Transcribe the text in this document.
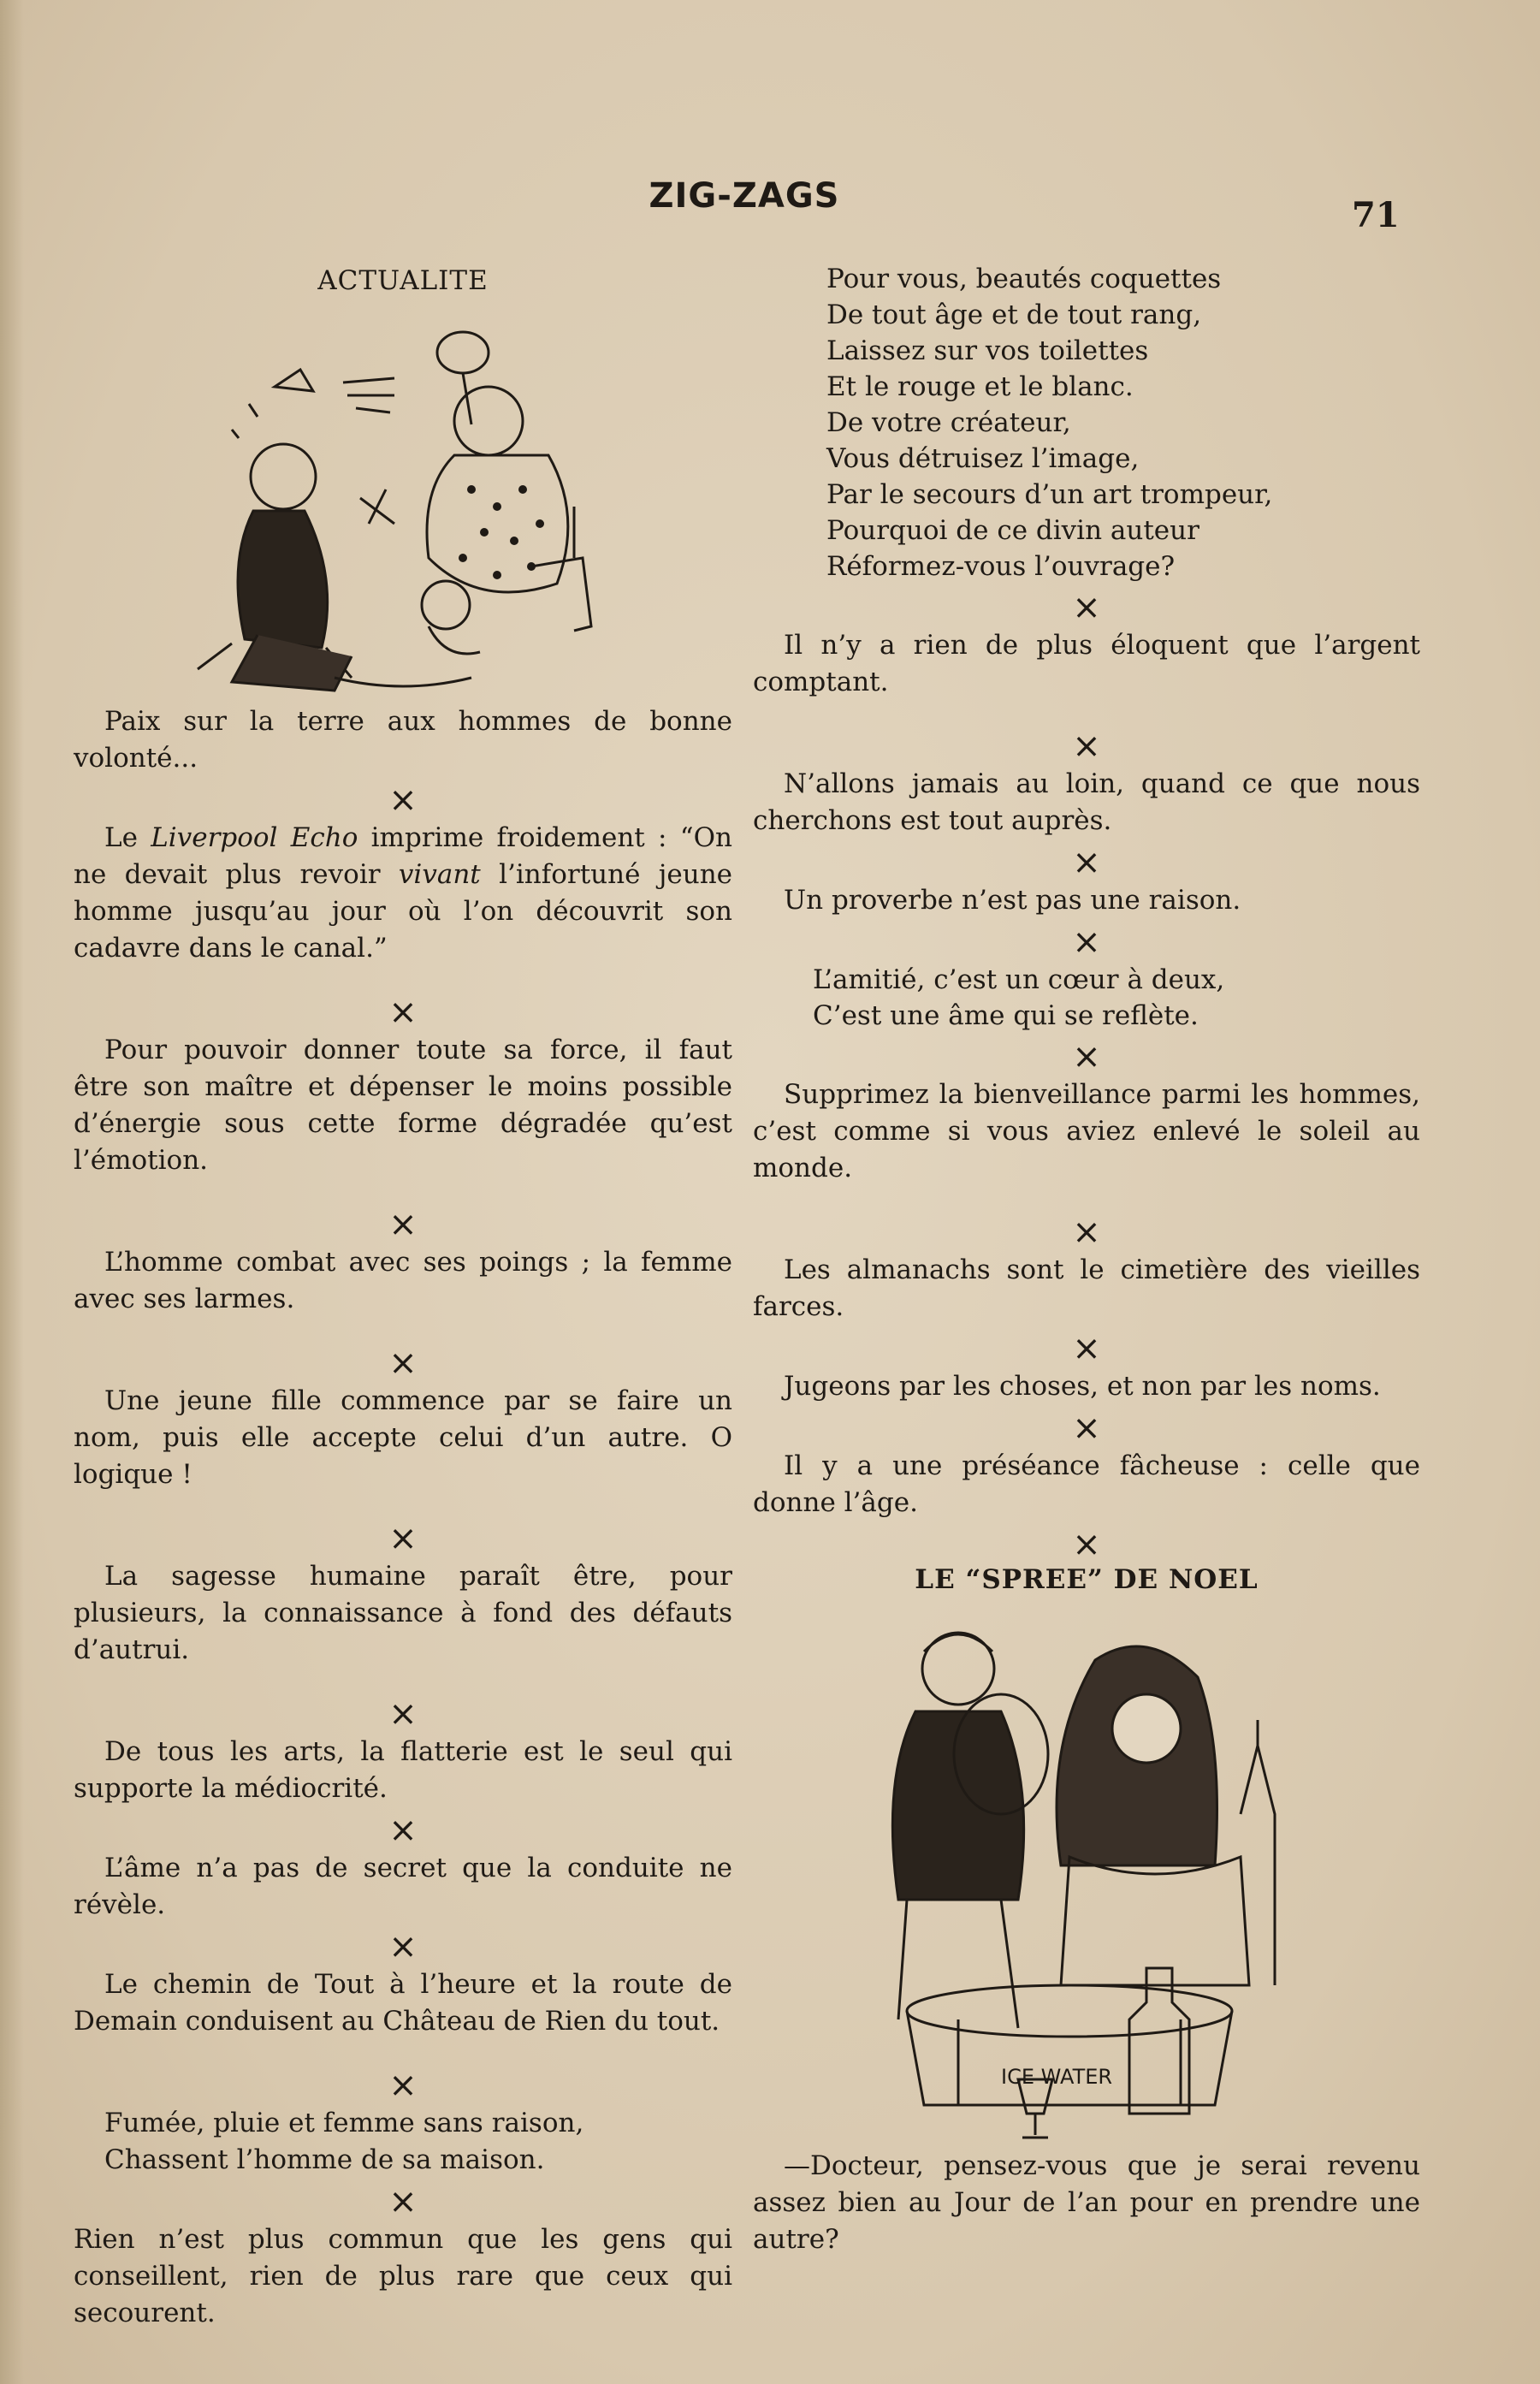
ZIG-ZAGS	71
ACTUALITE

Paix sur la terre aux hommes de bonne volonté...

×

Le Liverpool Echo imprime froidement : “On ne devait plus revoir vivant l’infortuné jeune homme jusqu’au jour où l’on découvrit son cadavre dans le canal.”

×

Pour pouvoir donner toute sa force, il faut être son maître et dépenser le moins possible d’énergie sous cette forme dégradée qu’est l’émotion.

×

L’homme combat avec ses poings ; la femme avec ses larmes.

×

Une jeune fille commence par se faire un nom, puis elle accepte celui d’un autre. O logique !

×

La sagesse humaine paraît être, pour plusieurs, la connaissance à fond des défauts d’autrui.

×

De tous les arts, la flatterie est le seul qui supporte la médiocrité.

×

L’âme n’a pas de secret que la conduite ne révèle.

×

Le chemin de Tout à l’heure et la route de Demain conduisent au Château de Rien du tout.

×

Fumée, pluie et femme sans raison,
Chassent l’homme de sa maison.

×

Rien n’est plus commun que les gens qui conseillent, rien de plus rare que ceux qui secourent.

Pour vous, beautés coquettes
De tout âge et de tout rang,
Laissez sur vos toilettes
Et le rouge et le blanc.
De votre créateur,
Vous détruisez l’image,
Par le secours d’un art trompeur,
Pourquoi de ce divin auteur
Réformez-vous l’ouvrage?
×

Il n’y a rien de plus éloquent que l’argent comptant.

×

N’allons jamais au loin, quand ce que nous cherchons est tout auprès.

×

Un proverbe n’est pas une raison.

×
L’amitié, c’est un cœur à deux,
C’est une âme qui se reflète.
×

Supprimez la bienveillance parmi les hommes, c’est comme si vous aviez enlevé le soleil au monde.

×

Les almanachs sont le cimetière des vieilles farces.

×

Jugeons par les choses, et non par les noms.

×

Il y a une préséance fâcheuse : celle que donne l’âge.

×
LE “SPREE” DE NOEL
ICE WATER

—Docteur, pensez-vous que je serai revenu assez bien au Jour de l’an pour en prendre une autre?
